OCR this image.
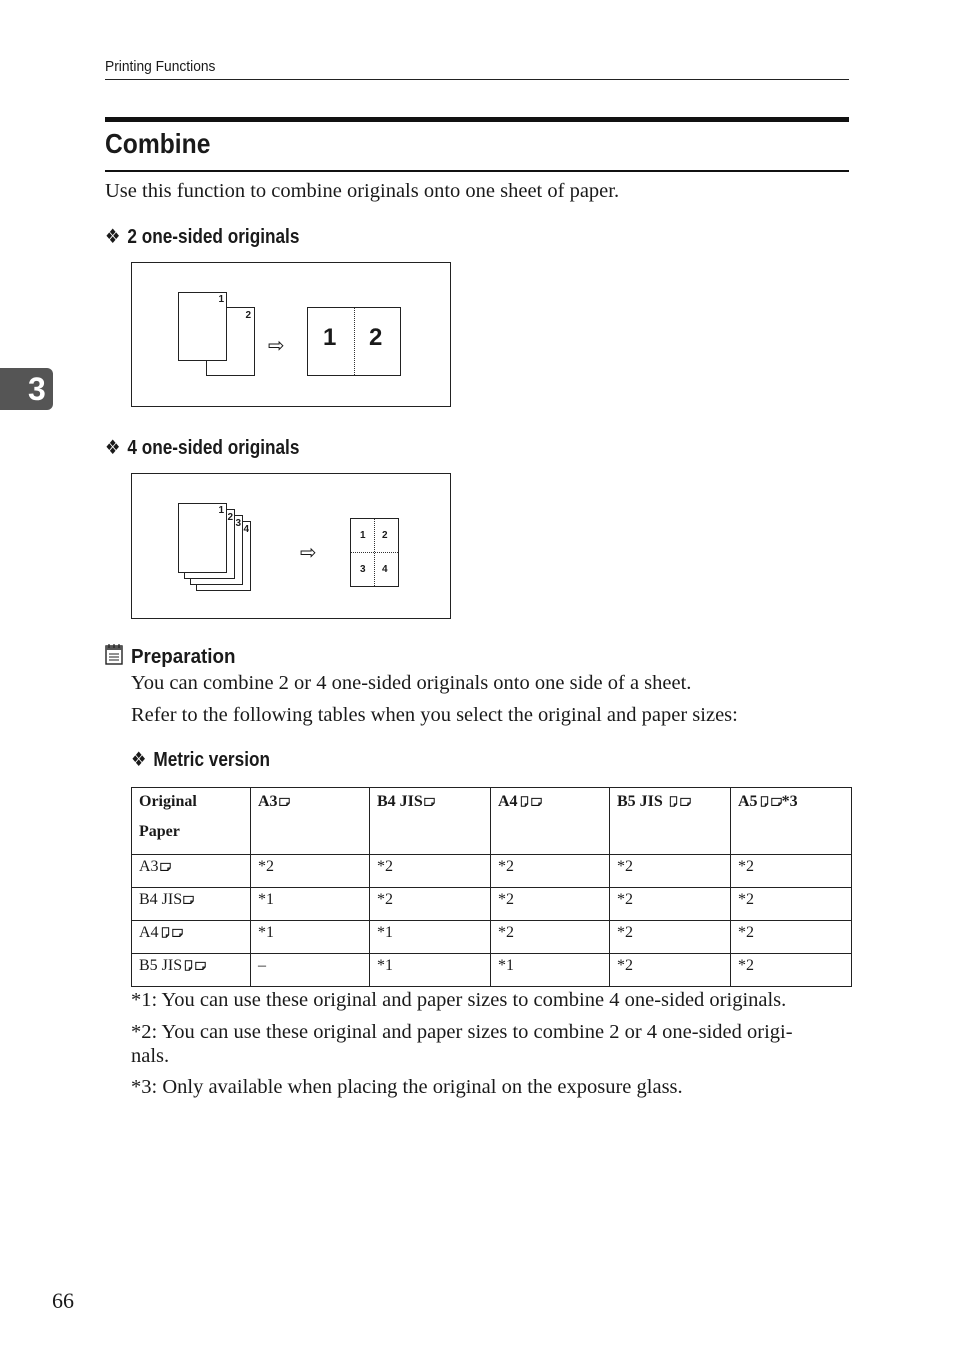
Printing Functions
Combine
Use this function to combine originals onto one sheet of paper.
❖ 2 one-sided originals
2
1
⇨ 1 2
❖ 4 one-sided originals
4
3
2
1
⇨
1 2
3 4
3
Preparation
You can combine 2 or 4 one-sided originals onto one side of a sheet.
Refer to the following tables when you select the original and paper sizes:
❖ Metric version
Original
Paper	A3	B4 JIS	A4	B5 JIS	A5 *3
A3	*2	*2	*2	*2	*2
B4 JIS	*1	*2	*2	*2	*2
A4	*1	*1	*2	*2	*2
B5 JIS	–	*1	*1	*2	*2
*1: You can use these original and paper sizes to combine 4 one-sided originals.
*2: You can use these original and paper sizes to combine 2 or 4 one-sided origi-
nals.
*3: Only available when placing the original on the exposure glass.
66
